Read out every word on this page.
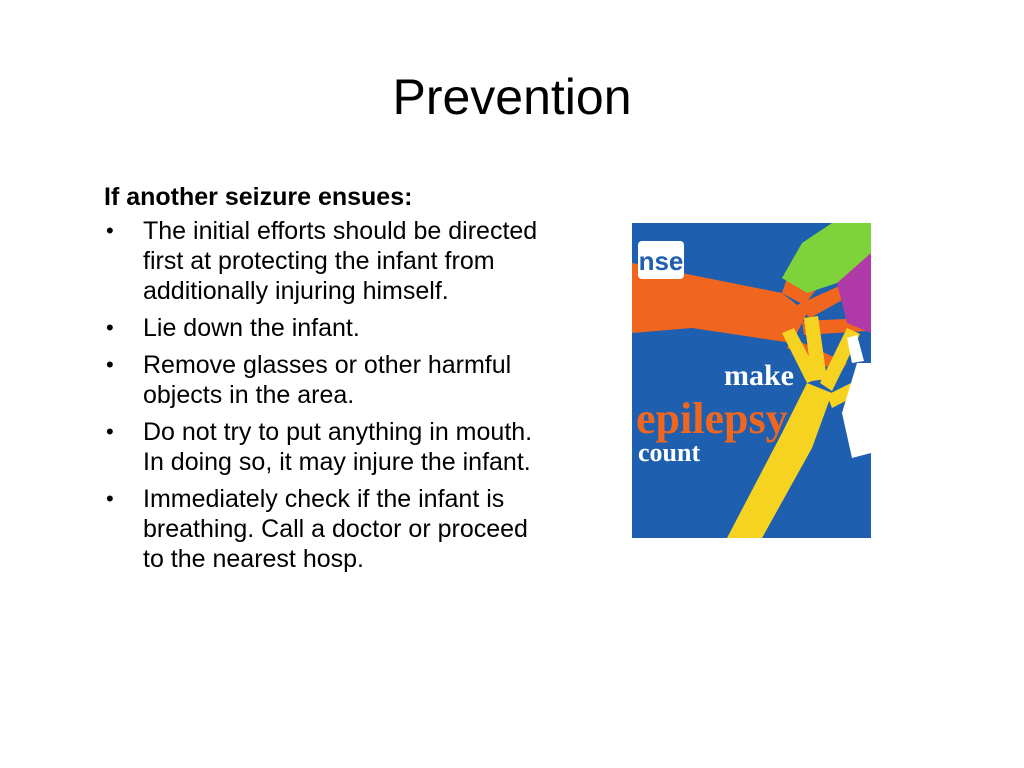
Prevention
If another seizure ensues:
• The initial efforts should be directed first at protecting the infant from additionally injuring himself.
• Lie down the infant.
• Remove glasses or other harmful objects in the area.
• Do not try to put anything in mouth. In doing so, it may injure the infant.
• Immediately check if the infant is breathing. Call a doctor or proceed to the nearest hosp.
nse
make
epilepsy
count
